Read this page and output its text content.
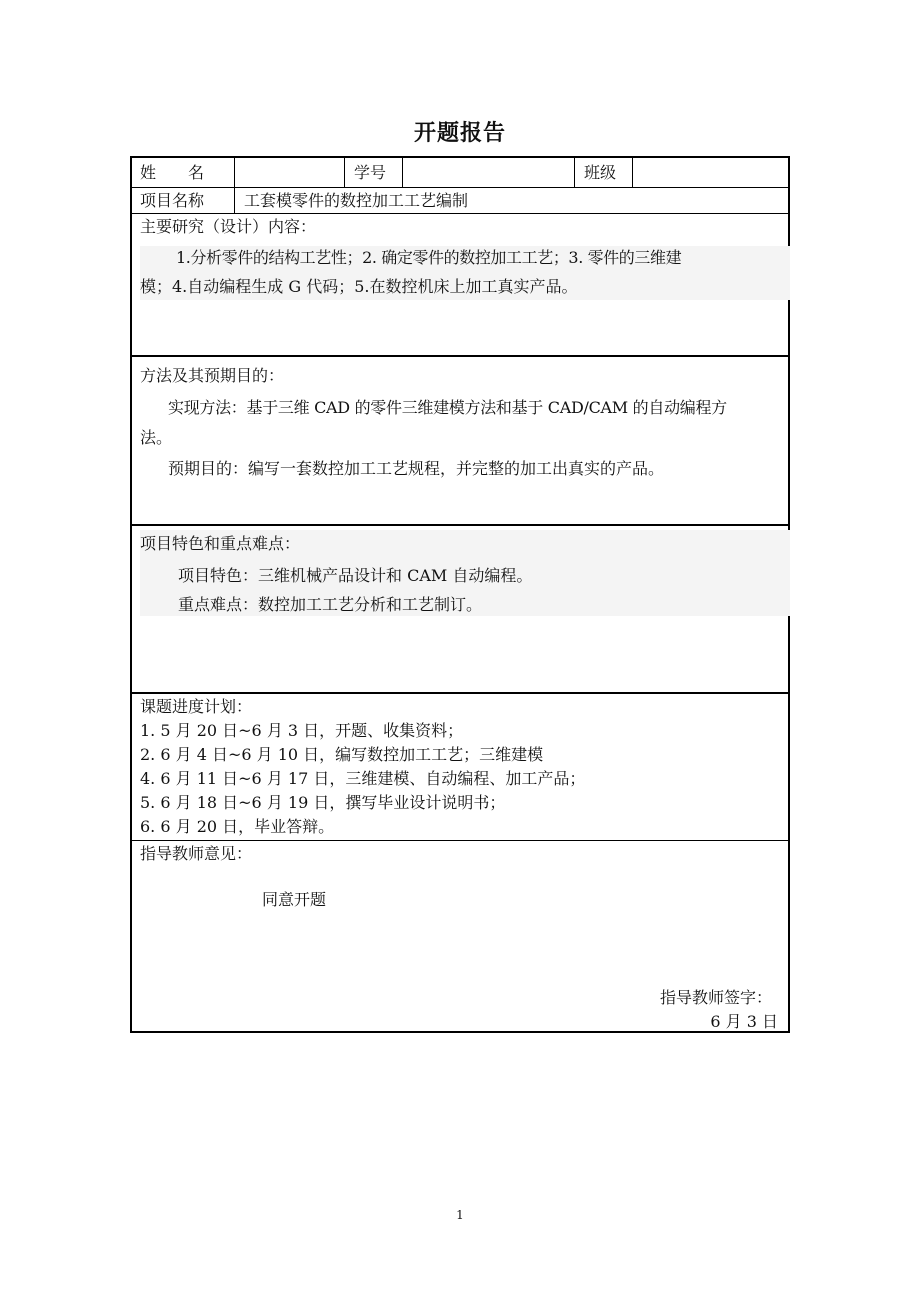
开题报告
姓　　名	学号	班级
项目名称 工套模零件的数控加工工艺编制
主要研究（设计）内容：
1.分析零件的结构工艺性；2. 确定零件的数控加工工艺；3. 零件的三维建
模；4.自动编程生成 G 代码；5.在数控机床上加工真实产品。
方法及其预期目的：
实现方法：基于三维 CAD 的零件三维建模方法和基于 CAD/CAM 的自动编程方
法。
预期目的：编写一套数控加工工艺规程，并完整的加工出真实的产品。
项目特色和重点难点：
项目特色：三维机械产品设计和 CAM 自动编程。
重点难点：数控加工工艺分析和工艺制订。
课题进度计划：
1. 5 月 20 日~6 月 3 日，开题、收集资料；
2. 6 月 4 日~6 月 10 日，编写数控加工工艺；三维建模
4. 6 月 11 日~6 月 17 日，三维建模、自动编程、加工产品；
5. 6 月 18 日~6 月 19 日，撰写毕业设计说明书；
6. 6 月 20 日，毕业答辩。
指导教师意见：
同意开题
指导教师签字：
6 月 3 日
1
